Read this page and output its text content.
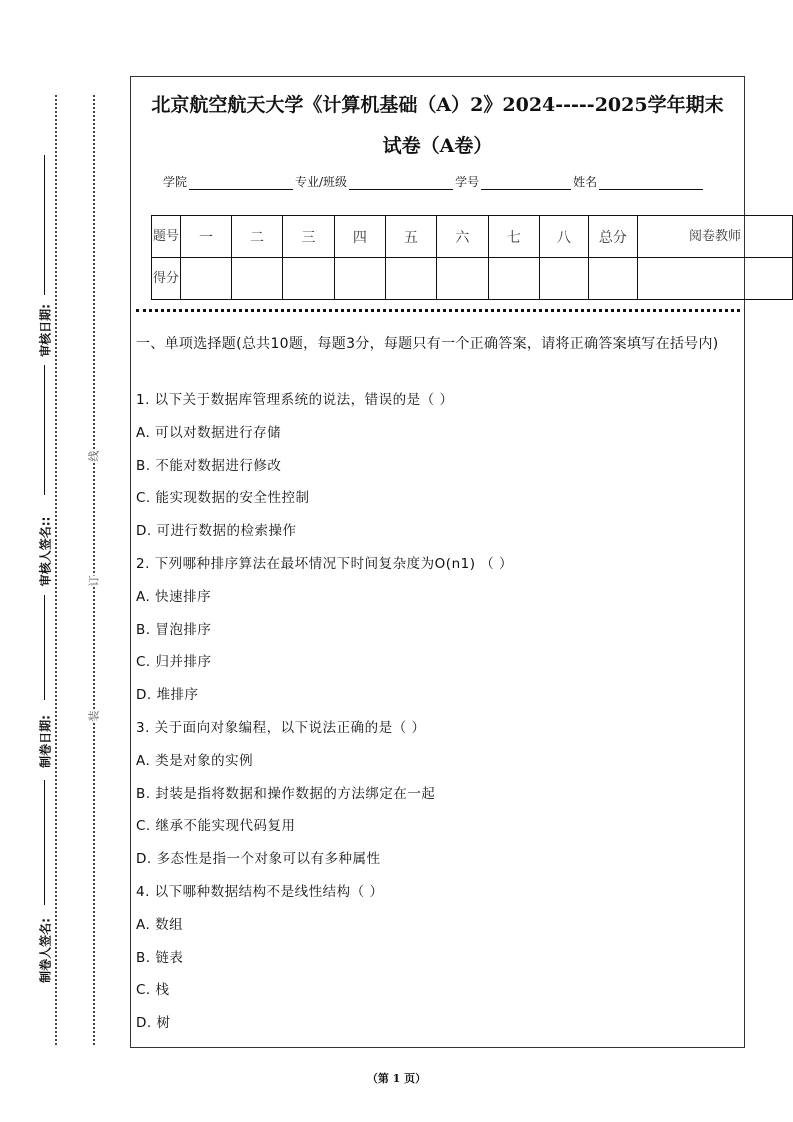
审核日期:
审核人签名::
制卷日期:
制卷人签名:
线
订
装
北京航空航天大学《计算机基础（A）2》2024-----2025学年期末
试卷（A卷）
学院	专业/班级	学号	姓名
题号	一	二	三	四	五	六	七	八	总分	阅卷教师
得分										
一、单项选择题(总共10题，每题3分，每题只有一个正确答案，请将正确答案填写在括号内)
1. 以下关于数据库管理系统的说法，错误的是（ ）
A. 可以对数据进行存储
B. 不能对数据进行修改
C. 能实现数据的安全性控制
D. 可进行数据的检索操作
2. 下列哪种排序算法在最坏情况下时间复杂度为O(n1) （ ）
A. 快速排序
B. 冒泡排序
C. 归并排序
D. 堆排序
3. 关于面向对象编程，以下说法正确的是（ ）
A. 类是对象的实例
B. 封装是指将数据和操作数据的方法绑定在一起
C. 继承不能实现代码复用
D. 多态性是指一个对象可以有多种属性
4. 以下哪种数据结构不是线性结构（ ）
A. 数组
B. 链表
C. 栈
D. 树
（第 1 页）
